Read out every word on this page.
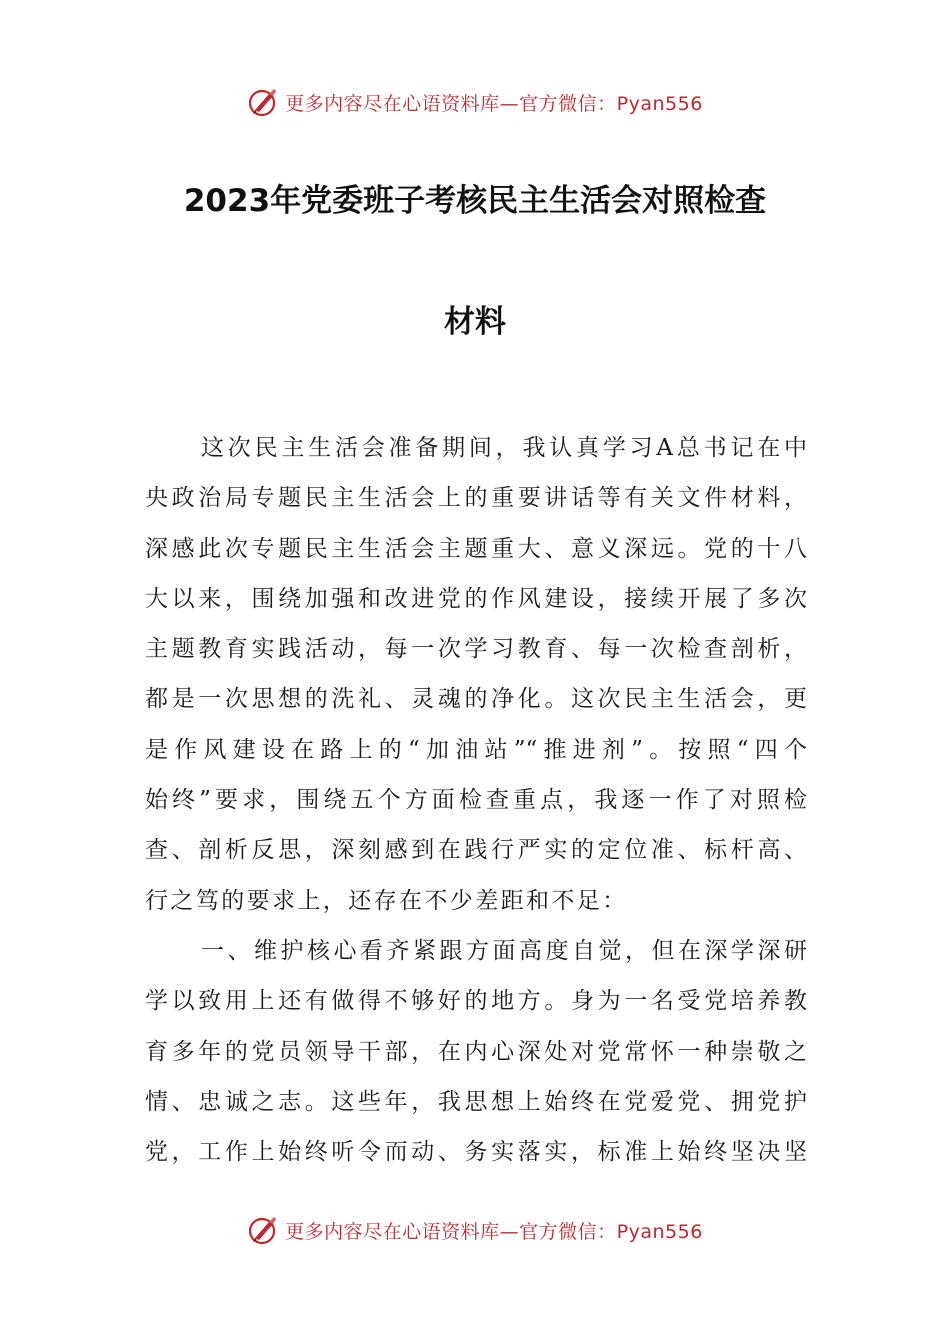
更多内容尽在心语资料库—官方微信：Pyan556
2023年党委班子考核民主生活会对照检查
材料
这次民主生活会准备期间，我认真学习A总书记在中
央政治局专题民主生活会上的重要讲话等有关文件材料，
深感此次专题民主生活会主题重大、意义深远。党的十八
大以来，围绕加强和改进党的作风建设，接续开展了多次
主题教育实践活动，每一次学习教育、每一次检查剖析，
都是一次思想的洗礼、灵魂的净化。这次民主生活会，更
是作风建设在路上的“加油站”“推进剂”。按照“四个
始终”要求，围绕五个方面检查重点，我逐一作了对照检
查、剖析反思，深刻感到在践行严实的定位准、标杆高、
行之笃的要求上，还存在不少差距和不足：
一、维护核心看齐紧跟方面高度自觉，但在深学深研
学以致用上还有做得不够好的地方。身为一名受党培养教
育多年的党员领导干部，在内心深处对党常怀一种崇敬之
情、忠诚之志。这些年，我思想上始终在党爱党、拥党护
党，工作上始终听令而动、务实落实，标准上始终坚决坚
更多内容尽在心语资料库—官方微信：Pyan556
